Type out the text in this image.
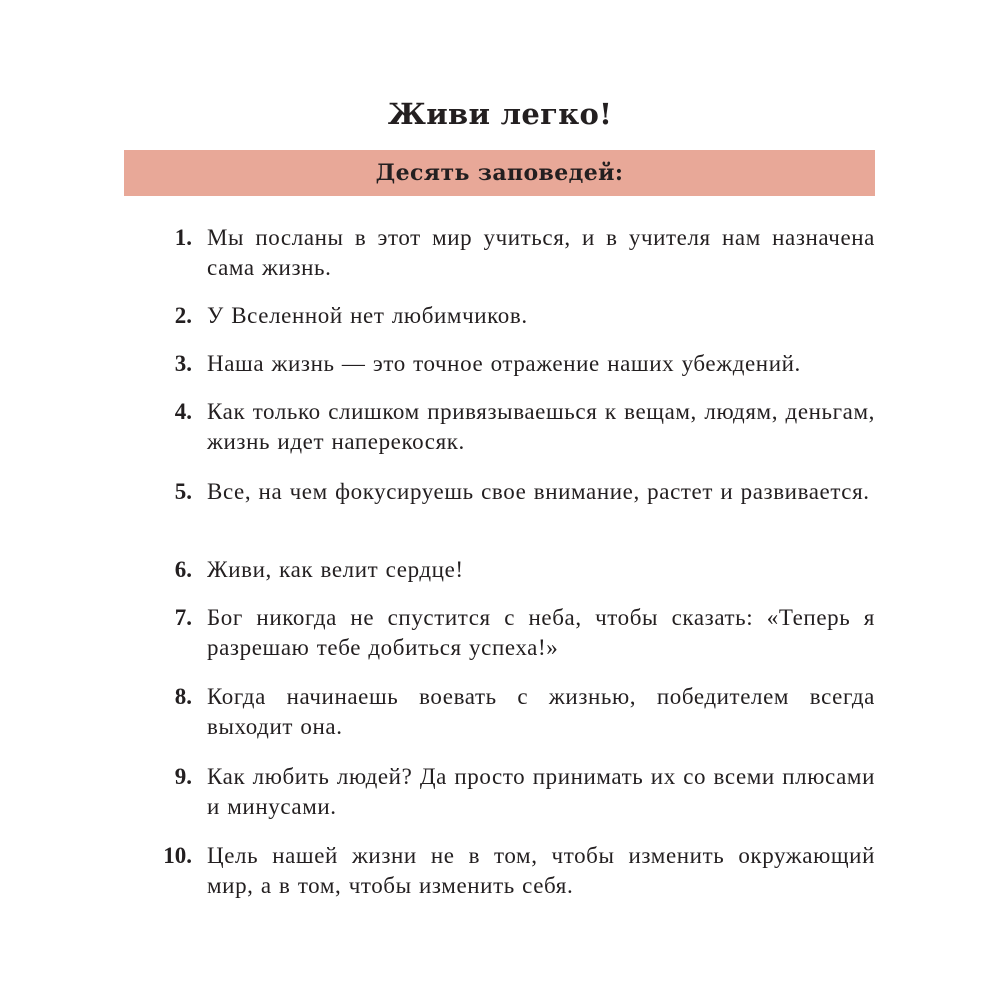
Живи легко!
Десять заповедей:
1. Мы посланы в этот мир учиться, и в учителя нам назначена сама жизнь.
2. У Вселенной нет любимчиков.
3. Наша жизнь — это точное отражение наших убеждений.
4. Как только слишком привязываешься к вещам, людям, деньгам, жизнь идет наперекосяк.
5. Все, на чем фокусируешь свое внимание, растет и развивается.
6. Живи, как велит сердце!
7. Бог никогда не спустится с неба, чтобы сказать: «Теперь я разрешаю тебе добиться успеха!»
8. Когда начинаешь воевать с жизнью, победителем всегда выходит она.
9. Как любить людей? Да просто принимать их со всеми плюсами и минусами.
10. Цель нашей жизни не в том, чтобы изменить окружающий мир, а в том, чтобы изменить себя.
